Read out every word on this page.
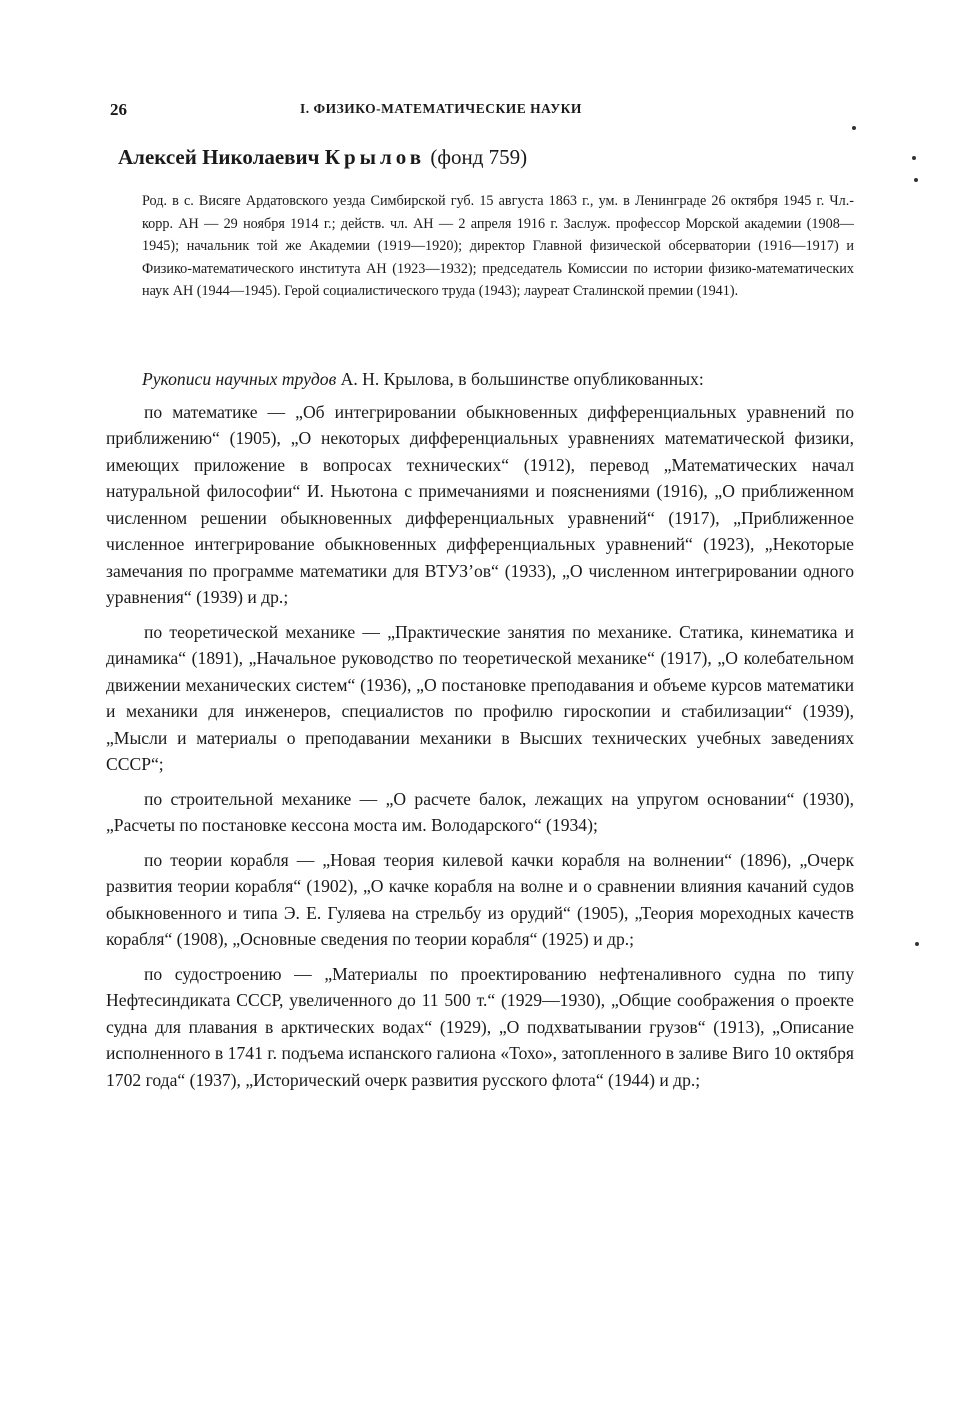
26	I. ФИЗИКО-МАТЕМАТИЧЕСКИЕ НАУКИ
Алексей Николаевич Крылов (фонд 759)
Род. в с. Висяге Ардатовского уезда Симбирской губ. 15 августа 1863 г., ум. в Ленинграде 26 октября 1945 г. Чл.-корр. АН — 29 ноября 1914 г.; действ. чл. АН — 2 апреля 1916 г. Заслуж. профессор Морской академии (1908—1945); начальник той же Академии (1919—1920); директор Главной физической обсерватории (1916—1917) и Физико-математического института АН (1923—1932); председатель Комиссии по истории физико-математических наук АН (1944—1945). Герой социалистического труда (1943); лауреат Сталинской премии (1941).

Рукописи научных трудов А. Н. Крылова, в большинстве опубликованных:

по математике — „Об интегрировании обыкновенных дифференциальных уравнений по приближению“ (1905), „О некоторых дифференциальных уравнениях математической физики, имеющих приложение в вопросах технических“ (1912), перевод „Математических начал натуральной философии“ И. Ньютона с примечаниями и пояснениями (1916), „О приближенном численном решении обыкновенных дифференциальных уравнений“ (1917), „Приближенное численное интегрирование обыкновенных дифференциальных уравнений“ (1923), „Некоторые замечания по программе математики для ВТУЗ’ов“ (1933), „О численном интегрировании одного уравнения“ (1939) и др.;

по теоретической механике — „Практические занятия по механике. Статика, кинематика и динамика“ (1891), „Начальное руководство по теоретической механике“ (1917), „О колебательном движении механических систем“ (1936), „О постановке преподавания и объеме курсов математики и механики для инженеров, специалистов по профилю гироскопии и стабилизации“ (1939), „Мысли и материалы о преподавании механики в Высших технических учебных заведениях СССР“;

по строительной механике — „О расчете балок, лежащих на упругом основании“ (1930), „Расчеты по постановке кессона моста им. Володарского“ (1934);

по теории корабля — „Новая теория килевой качки корабля на волнении“ (1896), „Очерк развития теории корабля“ (1902), „О качке корабля на волне и о сравнении влияния качаний судов обыкновенного и типа Э. Е. Гуляева на стрельбу из орудий“ (1905), „Теория мореходных качеств корабля“ (1908), „Основные сведения по теории корабля“ (1925) и др.;

по судостроению — „Материалы по проектированию нефтеналивного судна по типу Нефтесиндиката СССР, увеличенного до 11 500 т.“ (1929—1930), „Общие соображения о проекте судна для плавания в арктических водах“ (1929), „О подхватывании грузов“ (1913), „Описание исполненного в 1741 г. подъема испанского галиона «Тохо», затопленного в заливе Виго 10 октября 1702 года“ (1937), „Исторический очерк развития русского флота“ (1944) и др.;
